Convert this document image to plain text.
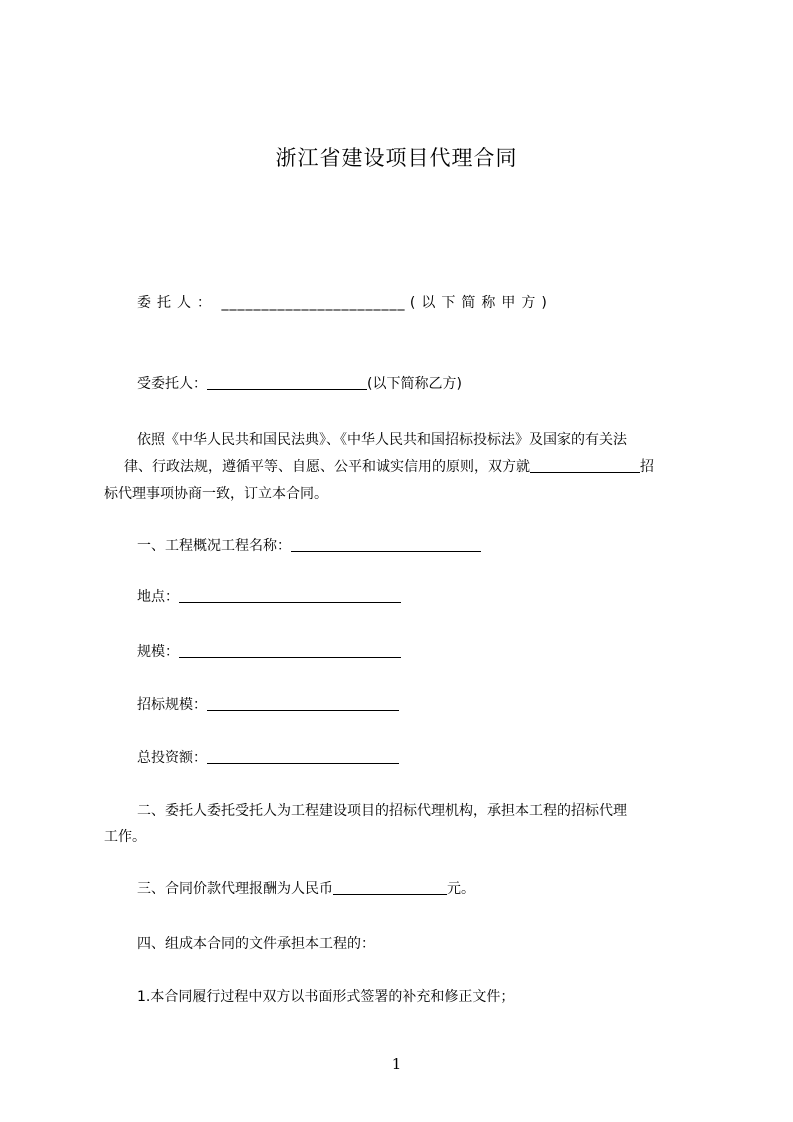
浙江省建设项目代理合同
委托人： _______________________ (以下简称甲方)
受委托人：	(以下简称乙方)
依照《中华人民共和国民法典》、《中华人民共和国招标投标法》及国家的有关法
律、行政法规，遵循平等、自愿、公平和诚实信用的原则，双方就	招
标代理事项协商一致，订立本合同。
一、工程概况工程名称：
地点：
规模：
招标规模：
总投资额：
二、委托人委托受托人为工程建设项目的招标代理机构，承担本工程的招标代理
工作。
三、合同价款代理报酬为人民币	元。
四、组成本合同的文件承担本工程的：
1.本合同履行过程中双方以书面形式签署的补充和修正文件；
1
